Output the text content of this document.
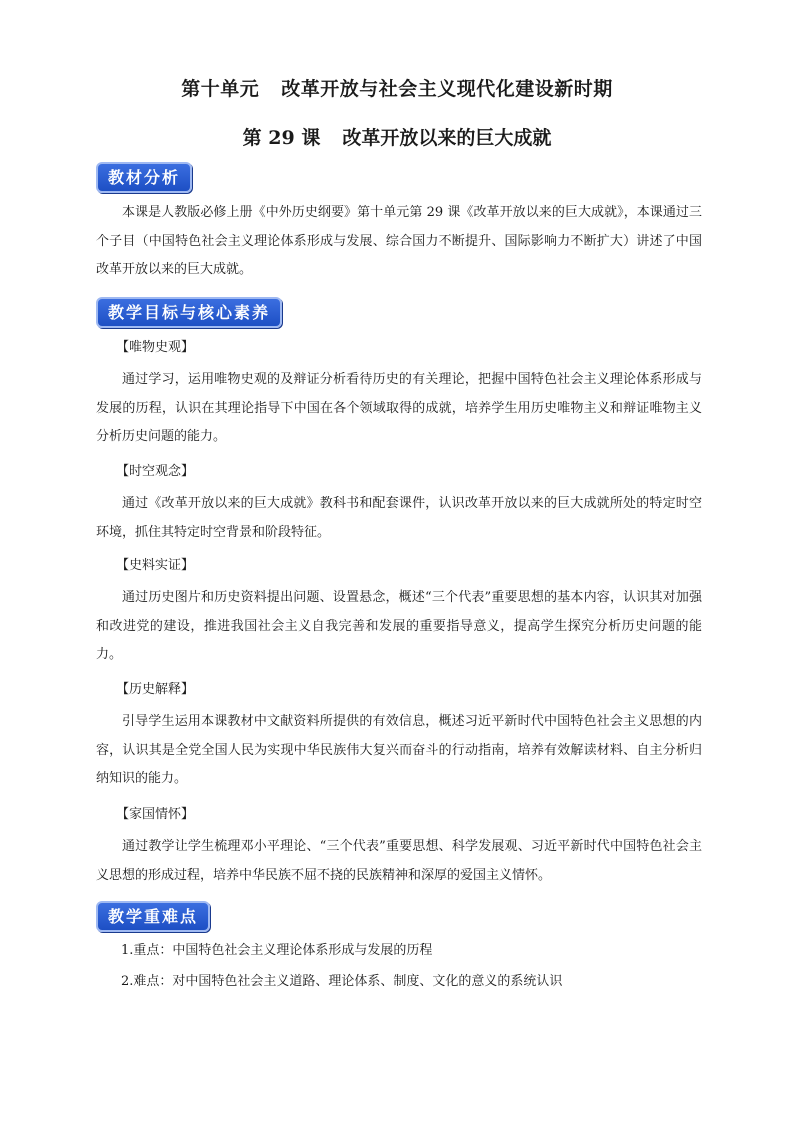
第十单元 改革开放与社会主义现代化建设新时期
第 29 课 改革开放以来的巨大成就
教材分析
本课是人教版必修上册《中外历史纲要》第十单元第 29 课《改革开放以来的巨大成就》，本课通过三个子目（中国特色社会主义理论体系形成与发展、综合国力不断提升、国际影响力不断扩大）讲述了中国改革开放以来的巨大成就。
教学目标与核心素养
【唯物史观】
通过学习，运用唯物史观的及辩证分析看待历史的有关理论，把握中国特色社会主义理论体系形成与发展的历程，认识在其理论指导下中国在各个领域取得的成就，培养学生用历史唯物主义和辩证唯物主义分析历史问题的能力。
【时空观念】
通过《改革开放以来的巨大成就》教科书和配套课件，认识改革开放以来的巨大成就所处的特定时空环境，抓住其特定时空背景和阶段特征。
【史料实证】
通过历史图片和历史资料提出问题、设置悬念，概述“三个代表”重要思想的基本内容，认识其对加强和改进党的建设，推进我国社会主义自我完善和发展的重要指导意义，提高学生探究分析历史问题的能力。
【历史解释】
引导学生运用本课教材中文献资料所提供的有效信息，概述习近平新时代中国特色社会主义思想的内容，认识其是全党全国人民为实现中华民族伟大复兴而奋斗的行动指南，培养有效解读材料、自主分析归纳知识的能力。
【家国情怀】
通过教学让学生梳理邓小平理论、“三个代表”重要思想、科学发展观、习近平新时代中国特色社会主义思想的形成过程，培养中华民族不屈不挠的民族精神和深厚的爱国主义情怀。
教学重难点
1.重点：中国特色社会主义理论体系形成与发展的历程
2.难点：对中国特色社会主义道路、理论体系、制度、文化的意义的系统认识
